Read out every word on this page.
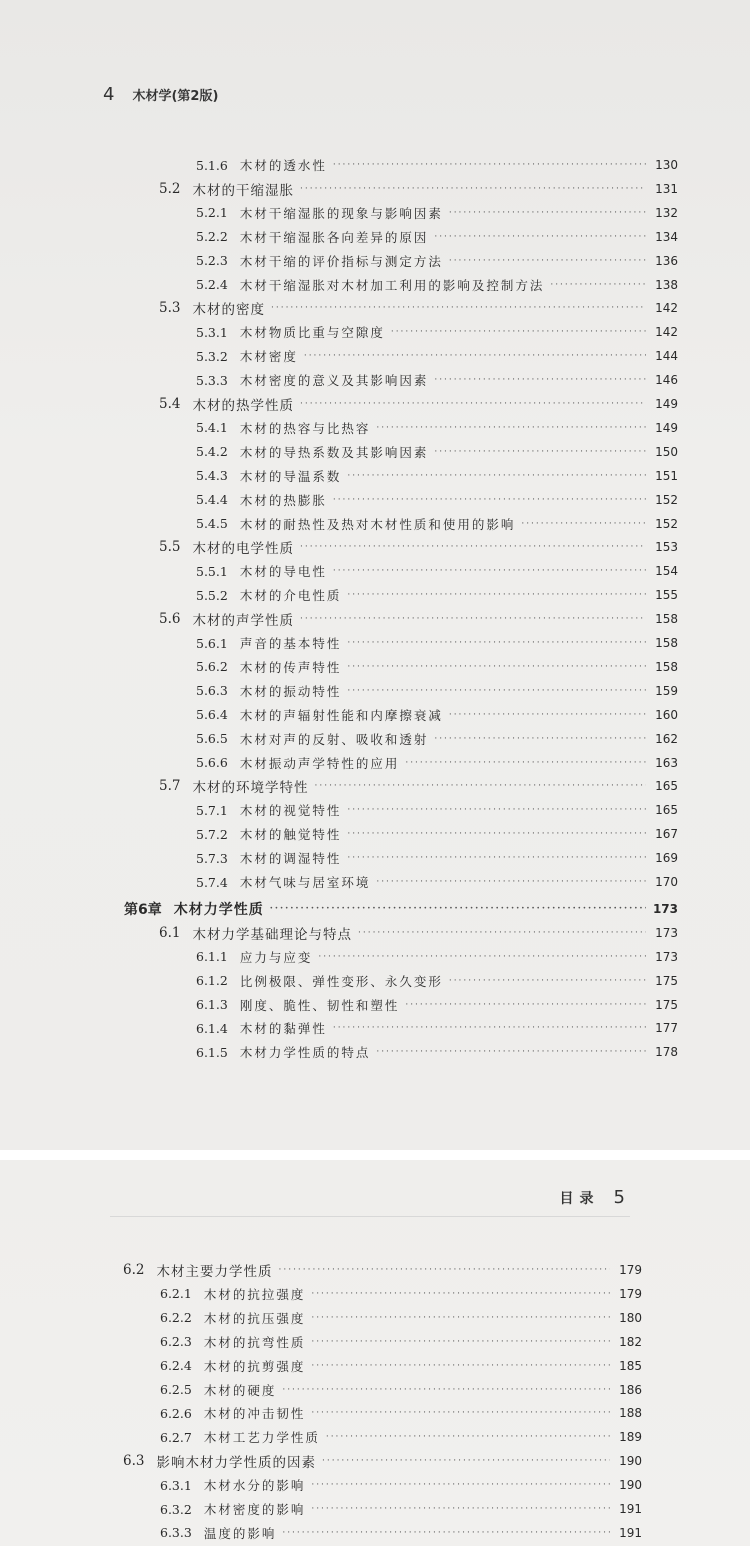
4 木材学(第2版)
5.1.6 木材的透水性 ·····	130
5.2 木材的干缩湿胀 ·····	131
5.2.1 木材干缩湿胀的现象与影响因素 ·····	132
5.2.2 木材干缩湿胀各向差异的原因 ·····	134
5.2.3 木材干缩的评价指标与测定方法 ·····	136
5.2.4 木材干缩湿胀对木材加工利用的影响及控制方法 ·····	138
5.3 木材的密度 ·····	142
5.3.1 木材物质比重与空隙度 ·····	142
5.3.2 木材密度 ·····	144
5.3.3 木材密度的意义及其影响因素 ·····	146
5.4 木材的热学性质 ·····	149
5.4.1 木材的热容与比热容 ·····	149
5.4.2 木材的导热系数及其影响因素 ·····	150
5.4.3 木材的导温系数 ·····	151
5.4.4 木材的热膨胀 ·····	152
5.4.5 木材的耐热性及热对木材性质和使用的影响 ·····	152
5.5 木材的电学性质 ·····	153
5.5.1 木材的导电性 ·····	154
5.5.2 木材的介电性质 ·····	155
5.6 木材的声学性质 ·····	158
5.6.1 声音的基本特性 ·····	158
5.6.2 木材的传声特性 ·····	158
5.6.3 木材的振动特性 ·····	159
5.6.4 木材的声辐射性能和内摩擦衰减 ·····	160
5.6.5 木材对声的反射、吸收和透射 ·····	162
5.6.6 木材振动声学特性的应用 ·····	163
5.7 木材的环境学特性 ·····	165
5.7.1 木材的视觉特性 ·····	165
5.7.2 木材的触觉特性 ·····	167
5.7.3 木材的调湿特性 ·····	169
5.7.4 木材气味与居室环境 ·····	170
第6章 木材力学性质 ·····	173
6.1 木材力学基础理论与特点 ·····	173
6.1.1 应力与应变 ·····	173
6.1.2 比例极限、弹性变形、永久变形 ·····	175
6.1.3 刚度、脆性、韧性和塑性 ·····	175
6.1.4 木材的黏弹性 ·····	177
6.1.5 木材力学性质的特点 ·····	178
目录 5
6.2 木材主要力学性质 ·····	179
6.2.1 木材的抗拉强度 ·····	179
6.2.2 木材的抗压强度 ·····	180
6.2.3 木材的抗弯性质 ·····	182
6.2.4 木材的抗剪强度 ·····	185
6.2.5 木材的硬度 ·····	186
6.2.6 木材的冲击韧性 ·····	188
6.2.7 木材工艺力学性质 ·····	189
6.3 影响木材力学性质的因素 ·····	190
6.3.1 木材水分的影响 ·····	190
6.3.2 木材密度的影响 ·····	191
6.3.3 温度的影响 ·····	191
